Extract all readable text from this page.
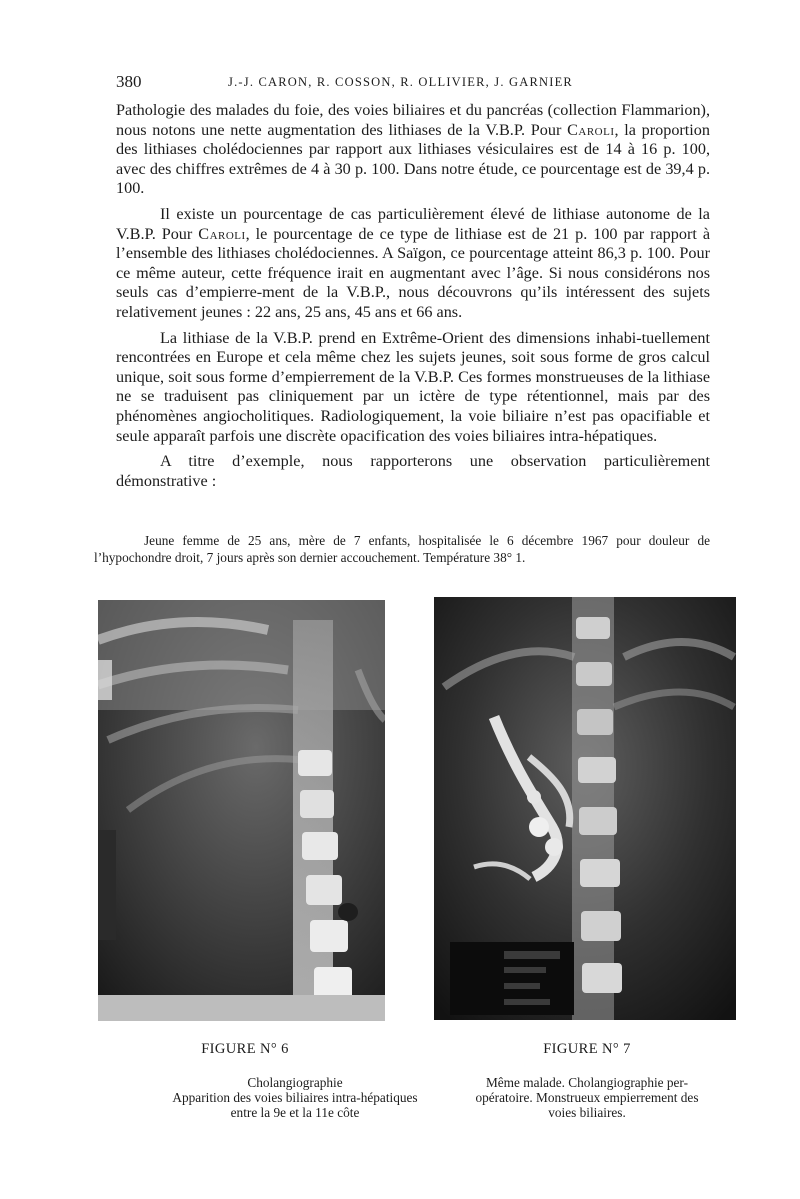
380	J.-J. CARON, R. COSSON, R. OLLIVIER, J. GARNIER

Pathologie des malades du foie, des voies biliaires et du pancréas (collection Flammarion), nous notons une nette augmentation des lithiases de la V.B.P. Pour Caroli, la proportion des lithiases cholédociennes par rapport aux lithiases vésiculaires est de 14 à 16 p. 100, avec des chiffres extrêmes de 4 à 30 p. 100. Dans notre étude, ce pourcentage est de 39,4 p. 100.

Il existe un pourcentage de cas particulièrement élevé de lithiase autonome de la V.B.P. Pour Caroli, le pourcentage de ce type de lithiase est de 21 p. 100 par rapport à l’ensemble des lithiases cholédociennes. A Saïgon, ce pourcentage atteint 86,3 p. 100. Pour ce même auteur, cette fréquence irait en augmentant avec l’âge. Si nous considérons nos seuls cas d’empierre-ment de la V.B.P., nous découvrons qu’ils intéressent des sujets relativement jeunes : 22 ans, 25 ans, 45 ans et 66 ans.

La lithiase de la V.B.P. prend en Extrême-Orient des dimensions inhabi-tuellement rencontrées en Europe et cela même chez les sujets jeunes, soit sous forme de gros calcul unique, soit sous forme d’empierrement de la V.B.P. Ces formes monstrueuses de la lithiase ne se traduisent pas cliniquement par un ictère de type rétentionnel, mais par des phénomènes angiocholitiques. Radiologiquement, la voie biliaire n’est pas opacifiable et seule apparaît parfois une discrète opacification des voies biliaires intra-hépatiques.

A titre d’exemple, nous rapporterons une observation particulièrement démonstrative :

Jeune femme de 25 ans, mère de 7 enfants, hospitalisée le 6 décembre 1967 pour douleur de l’hypochondre droit, 7 jours après son dernier accouchement. Température 38° 1.
FIGURE N° 6	FIGURE N° 7
Cholangiographie
Apparition des voies biliaires intra-hépatiques entre la 9e et la 11e côte
Même malade. Cholangiographie per-opératoire. Monstrueux empierrement des voies biliaires.
